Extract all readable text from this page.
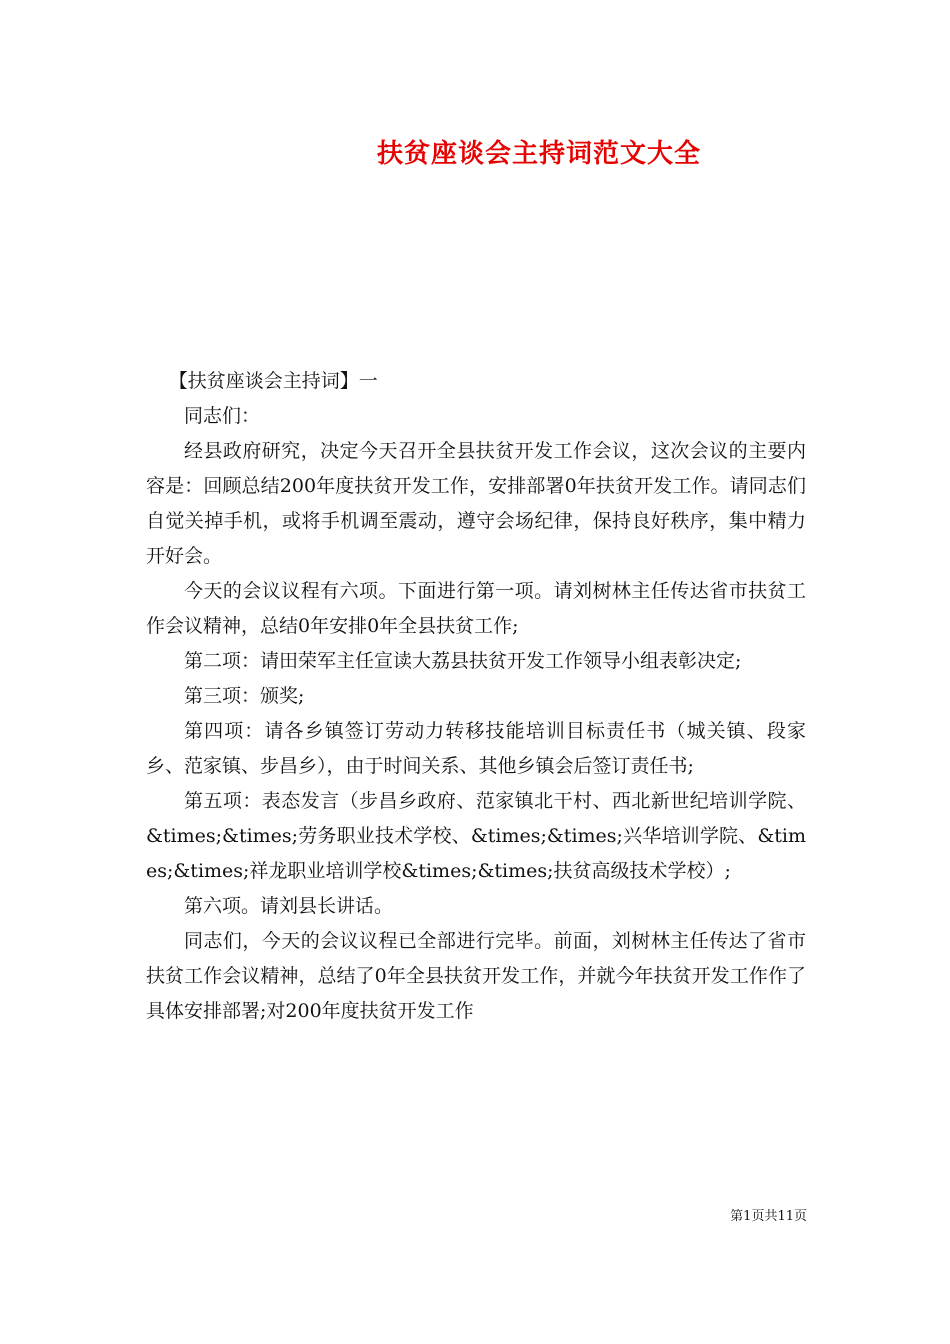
扶贫座谈会主持词范文大全

【扶贫座谈会主持词】一

同志们：

经县政府研究，决定今天召开全县扶贫开发工作会议，这次会议的主要内容是：回顾总结200年度扶贫开发工作，安排部署0年扶贫开发工作。请同志们自觉关掉手机，或将手机调至震动，遵守会场纪律，保持良好秩序，集中精力开好会。

今天的会议议程有六项。下面进行第一项。请刘树林主任传达省市扶贫工作会议精神，总结0年安排0年全县扶贫工作;

第二项：请田荣军主任宣读大荔县扶贫开发工作领导小组表彰决定;

第三项：颁奖;

第四项：请各乡镇签订劳动力转移技能培训目标责任书（城关镇、段家乡、范家镇、步昌乡），由于时间关系、其他乡镇会后签订责任书;

第五项：表态发言（步昌乡政府、范家镇北干村、西北新世纪培训学院、&times;&times;劳务职业技术学校、&times;&times;兴华培训学院、&times;&times;祥龙职业培训学校&times;&times;扶贫高级技术学校）;

第六项。请刘县长讲话。

同志们，今天的会议议程已全部进行完毕。前面，刘树林主任传达了省市扶贫工作会议精神，总结了0年全县扶贫开发工作，并就今年扶贫开发工作作了具体安排部署;对200年度扶贫开发工作

第1页共11页
